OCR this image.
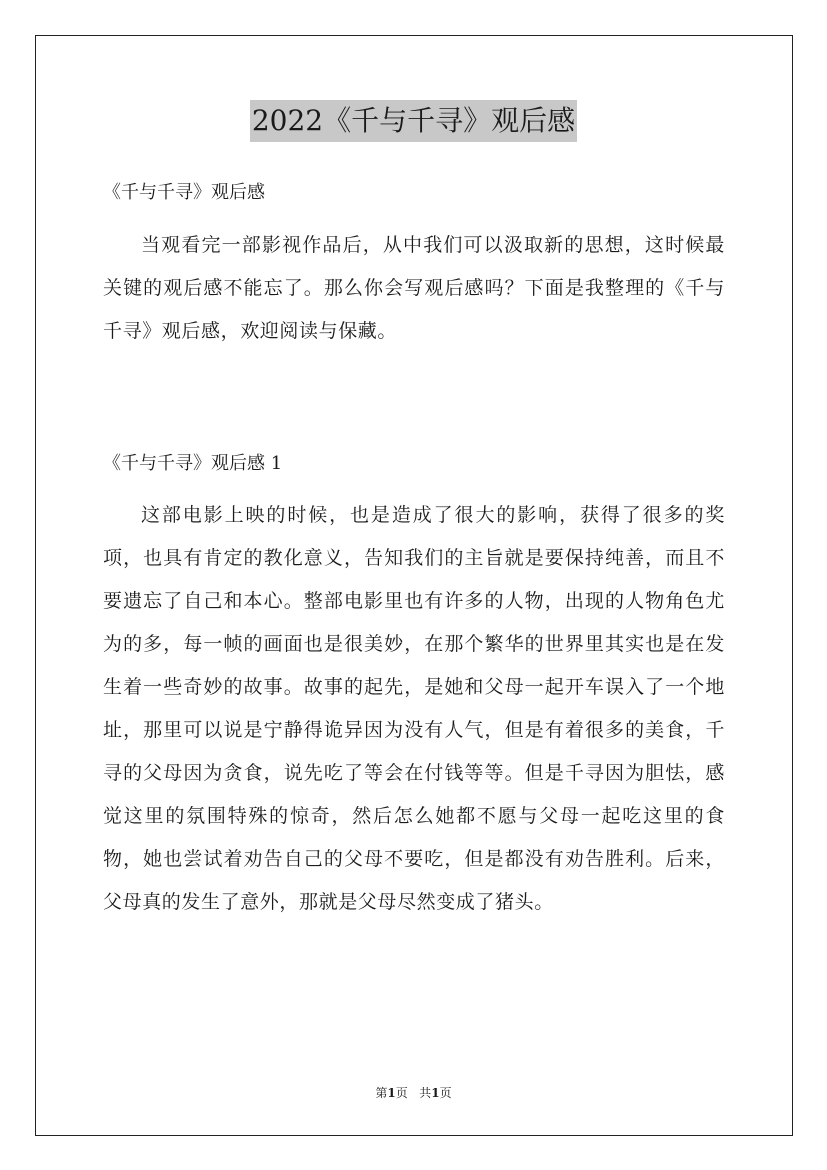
2022《千与千寻》观后感
《千与千寻》观后感

当观看完一部影视作品后，从中我们可以汲取新的思想，这时候最关键的观后感不能忘了。那么你会写观后感吗？下面是我整理的《千与千寻》观后感，欢迎阅读与保藏。

《千与千寻》观后感 1

这部电影上映的时候，也是造成了很大的影响，获得了很多的奖项，也具有肯定的教化意义，告知我们的主旨就是要保持纯善，而且不要遗忘了自己和本心。整部电影里也有许多的人物，出现的人物角色尤为的多，每一帧的画面也是很美妙，在那个繁华的世界里其实也是在发生着一些奇妙的故事。故事的起先，是她和父母一起开车误入了一个地址，那里可以说是宁静得诡异因为没有人气，但是有着很多的美食，千寻的父母因为贪食，说先吃了等会在付钱等等。但是千寻因为胆怯，感觉这里的氛围特殊的惊奇，然后怎么她都不愿与父母一起吃这里的食物，她也尝试着劝告自己的父母不要吃，但是都没有劝告胜利。后来，父母真的发生了意外，那就是父母尽然变成了猪头。

第1页 共1页
